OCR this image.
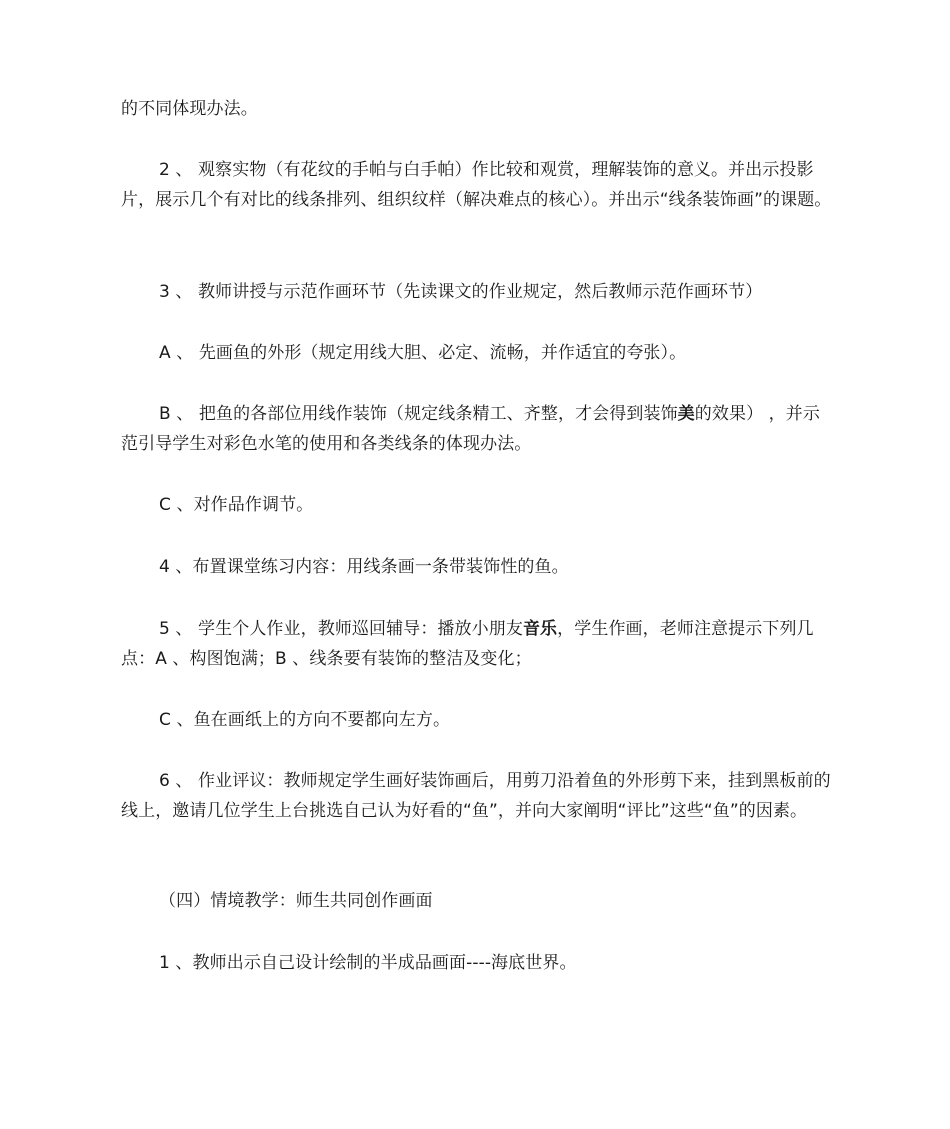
的不同体现办法。

2 、 观察实物（有花纹的手帕与白手帕）作比较和观赏，理解装饰的意义。并出示投影片，展示几个有对比的线条排列、组织纹样（解决难点的核心）。并出示“线条装饰画”的课题。

3 、 教师讲授与示范作画环节（先读课文的作业规定，然后教师示范作画环节）

A 、 先画鱼的外形（规定用线大胆、必定、流畅，并作适宜的夸张）。

B 、 把鱼的各部位用线作装饰（规定线条精工、齐整，才会得到装饰美的效果） ，并示范引导学生对彩色水笔的使用和各类线条的体现办法。

C 、对作品作调节。

4 、布置课堂练习内容：用线条画一条带装饰性的鱼。

5 、 学生个人作业，教师巡回辅导：播放小朋友音乐，学生作画，老师注意提示下列几点：A 、构图饱满；B 、线条要有装饰的整洁及变化；

C 、鱼在画纸上的方向不要都向左方。

6 、 作业评议：教师规定学生画好装饰画后，用剪刀沿着鱼的外形剪下来，挂到黑板前的线上，邀请几位学生上台挑选自己认为好看的“鱼”，并向大家阐明“评比”这些“鱼”的因素。

（四）情境教学：师生共同创作画面

1 、教师出示自己设计绘制的半成品画面----海底世界。
